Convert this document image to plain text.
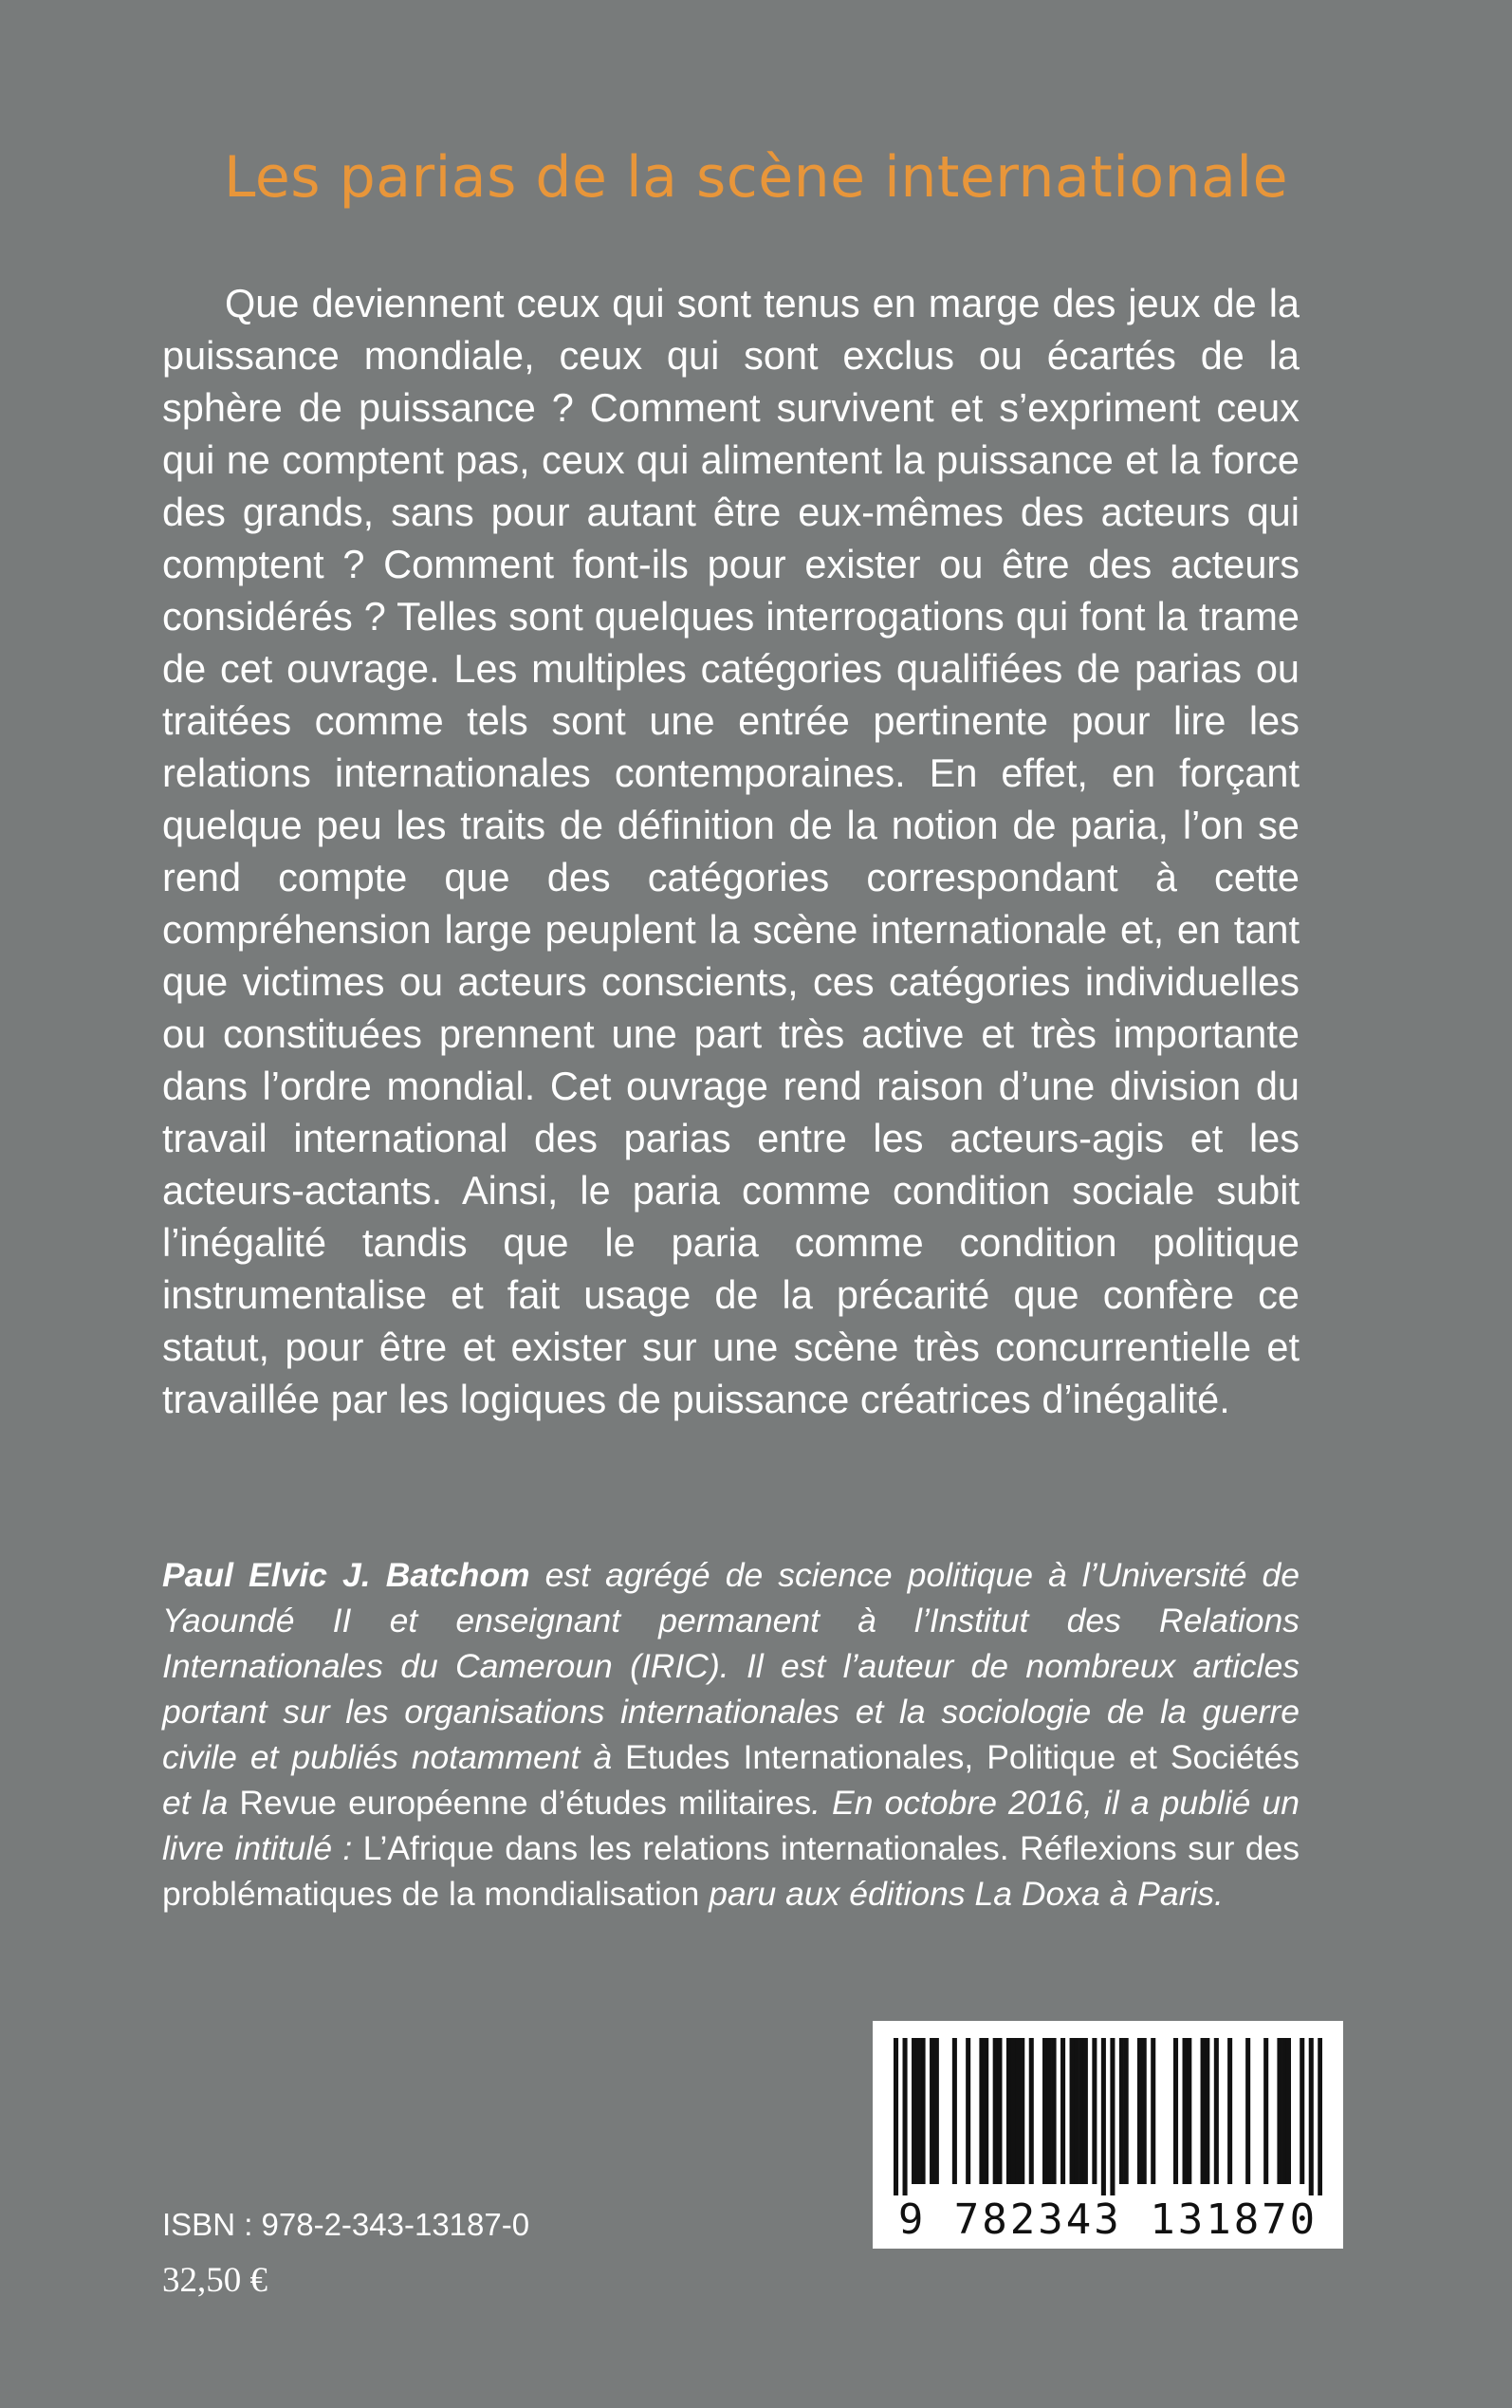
Les parias de la scène internationale
Que deviennent ceux qui sont tenus en marge des jeux de la puissance mondiale, ceux qui sont exclus ou écartés de la sphère de puissance ? Comment survivent et s’expriment ceux qui ne comptent pas, ceux qui alimentent la puissance et la force des grands, sans pour autant être eux-mêmes des acteurs qui comptent ? Comment font-ils pour exister ou être des acteurs considérés ? Telles sont quelques interrogations qui font la trame de cet ouvrage. Les multiples catégories qualifiées de parias ou traitées comme tels sont une entrée pertinente pour lire les relations internationales contemporaines. En effet, en forçant quelque peu les traits de définition de la notion de paria, l’on se rend compte que des catégories correspondant à cette compréhension large peuplent la scène internationale et, en tant que victimes ou acteurs conscients, ces catégories individuelles ou constituées prennent une part très active et très importante dans l’ordre mondial. Cet ouvrage rend raison d’une division du travail international des parias entre les acteurs-agis et les acteurs-actants. Ainsi, le paria comme condition sociale subit l’inégalité tandis que le paria comme condition politique instrumentalise et fait usage de la précarité que confère ce statut, pour être et exister sur une scène très concurrentielle et travaillée par les logiques de puissance créatrices d’inégalité.
Paul Elvic J. Batchom est agrégé de science politique à l’Université de Yaoundé II et enseignant permanent à l’Institut des Relations Internationales du Cameroun (IRIC). Il est l’auteur de nombreux articles portant sur les organisations internationales et la sociologie de la guerre civile et publiés notamment à Etudes Internationales, Politique et Sociétés et la Revue européenne d’études militaires. En octobre 2016, il a publié un livre intitulé : L’Afrique dans les relations internationales. Réflexions sur des problématiques de la mondialisation paru aux éditions La Doxa à Paris.
ISBN : 978-2-343-13187-0
32,50 €
9 782343 131870
